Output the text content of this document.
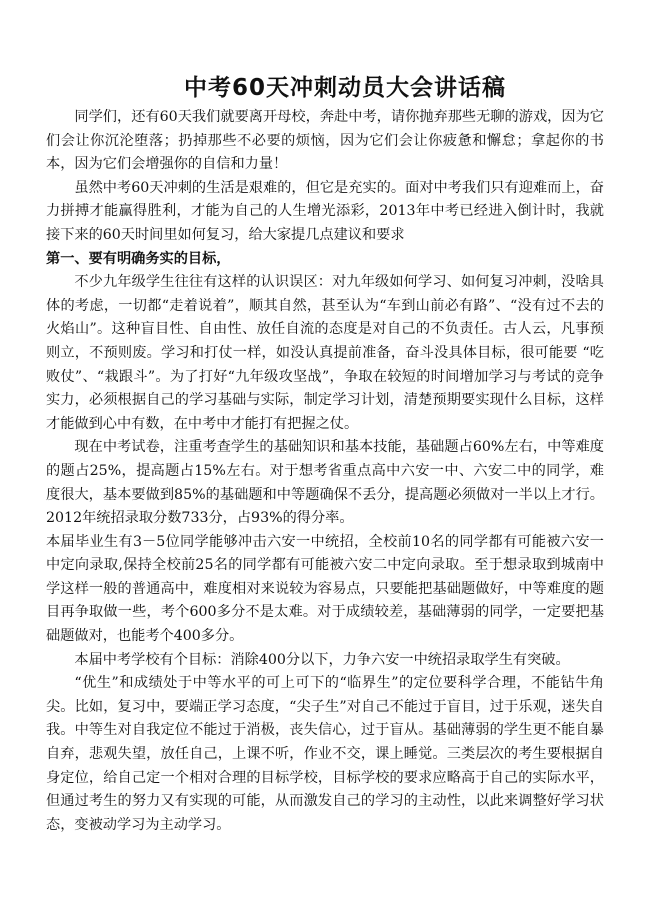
中考60天冲刺动员大会讲话稿

同学们，还有60天我们就要离开母校，奔赴中考，请你抛弃那些无聊的游戏，因为它们会让你沉沦堕落；扔掉那些不必要的烦恼，因为它们会让你疲惫和懈怠；拿起你的书本，因为它们会增强你的自信和力量！

虽然中考60天冲刺的生活是艰难的，但它是充实的。面对中考我们只有迎难而上，奋力拼搏才能赢得胜利，才能为自己的人生增光添彩，2013年中考已经进入倒计时，我就接下来的60天时间里如何复习，给大家提几点建议和要求

第一、要有明确务实的目标，

不少九年级学生往往有这样的认识误区：对九年级如何学习、如何复习冲刺，没啥具体的考虑，一切都“走着说着”，顺其自然，甚至认为“车到山前必有路”、“没有过不去的火焰山”。这种盲目性、自由性、放任自流的态度是对自己的不负责任。古人云，凡事预则立，不预则废。学习和打仗一样，如没认真提前准备，奋斗没具体目标，很可能要 “吃败仗”、“栽跟斗”。为了打好“九年级攻坚战”，争取在较短的时间增加学习与考试的竞争实力，必须根据自己的学习基础与实际，制定学习计划，清楚预期要实现什么目标，这样才能做到心中有数，在中考中才能打有把握之仗。

现在中考试卷，注重考查学生的基础知识和基本技能，基础题占60%左右，中等难度的题占25%，提高题占15%左右。对于想考省重点高中六安一中、六安二中的同学，难度很大，基本要做到85%的基础题和中等题确保不丢分，提高题必须做对一半以上才行。2012年统招录取分数733分，占93%的得分率。

本届毕业生有3－5位同学能够冲击六安一中统招，全校前10名的同学都有可能被六安一中定向录取,保持全校前25名的同学都有可能被六安二中定向录取。至于想录取到城南中学这样一般的普通高中，难度相对来说较为容易点，只要能把基础题做好，中等难度的题目再争取做一些，考个600多分不是太难。对于成绩较差，基础薄弱的同学，一定要把基础题做对，也能考个400多分。

本届中考学校有个目标：消除400分以下，力争六安一中统招录取学生有突破。

“优生”和成绩处于中等水平的可上可下的“临界生”的定位要科学合理，不能钻牛角尖。比如，复习中，要端正学习态度，“尖子生”对自己不能过于盲目，过于乐观，迷失自我。中等生对自我定位不能过于消极，丧失信心，过于盲从。基础薄弱的学生更不能自暴自弃，悲观失望，放任自己，上课不听，作业不交，课上睡觉。三类层次的考生要根据自身定位，给自己定一个相对合理的目标学校，目标学校的要求应略高于自己的实际水平，但通过考生的努力又有实现的可能，从而激发自己的学习的主动性，以此来调整好学习状态，变被动学习为主动学习。
